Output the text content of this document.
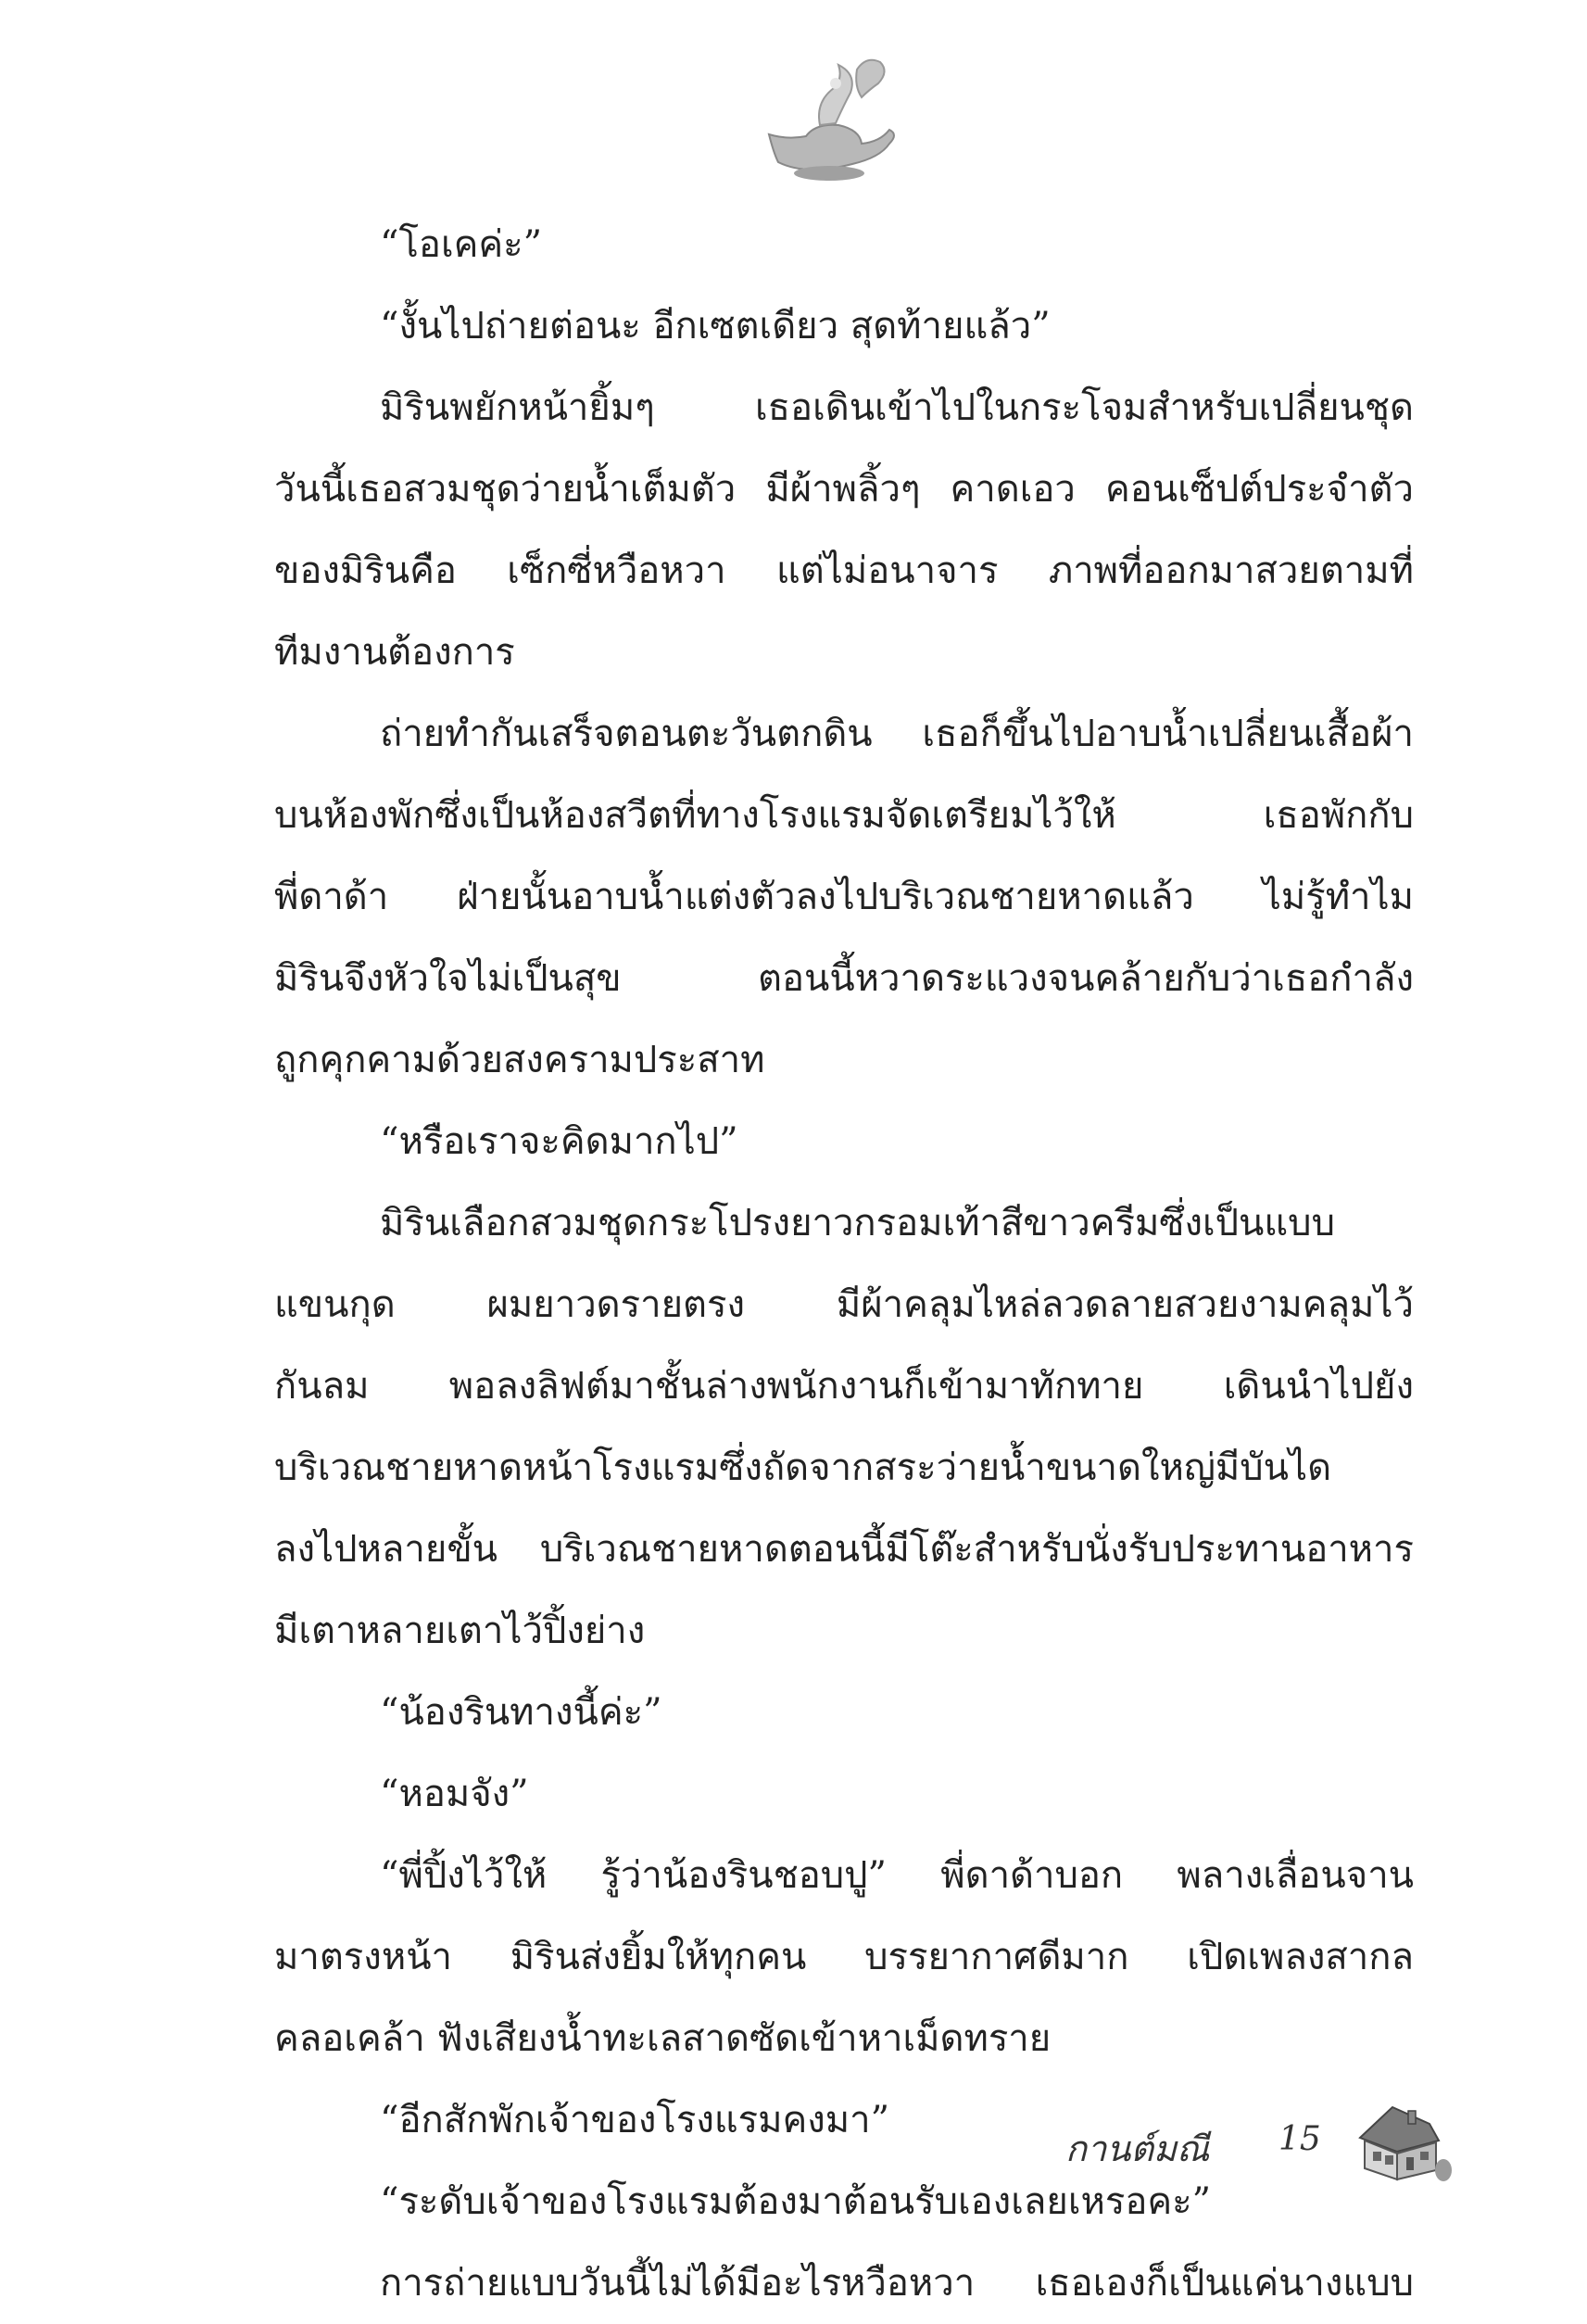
“โอเคค่ะ”
“งั้นไปถ่ายต่อนะ อีกเซตเดียว สุดท้ายแล้ว”
มิรินพยักหน้ายิ้มๆ เธอเดินเข้าไปในกระโจมสำหรับเปลี่ยนชุด
วันนี้เธอสวมชุดว่ายน้ำเต็มตัว มีผ้าพลิ้วๆ คาดเอว คอนเซ็ปต์ประจำตัว
ของมิรินคือ เซ็กซี่หวือหวา แต่ไม่อนาจาร ภาพที่ออกมาสวยตามที่
ทีมงานต้องการ
ถ่ายทำกันเสร็จตอนตะวันตกดิน เธอก็ขึ้นไปอาบน้ำเปลี่ยนเสื้อผ้า
บนห้องพักซึ่งเป็นห้องสวีตที่ทางโรงแรมจัดเตรียมไว้ให้ เธอพักกับ
พี่ดาด้า ฝ่ายนั้นอาบน้ำแต่งตัวลงไปบริเวณชายหาดแล้ว ไม่รู้ทำไม
มิรินจึงหัวใจไม่เป็นสุข ตอนนี้หวาดระแวงจนคล้ายกับว่าเธอกำลัง
ถูกคุกคามด้วยสงครามประสาท
“หรือเราจะคิดมากไป”
มิรินเลือกสวมชุดกระโปรงยาวกรอมเท้าสีขาวครีมซึ่งเป็นแบบ
แขนกุด ผมยาวดรายตรง มีผ้าคลุมไหล่ลวดลายสวยงามคลุมไว้
กันลม พอลงลิฟต์มาชั้นล่างพนักงานก็เข้ามาทักทาย เดินนำไปยัง
บริเวณชายหาดหน้าโรงแรมซึ่งถัดจากสระว่ายน้ำขนาดใหญ่มีบันได
ลงไปหลายขั้น บริเวณชายหาดตอนนี้มีโต๊ะสำหรับนั่งรับประทานอาหาร
มีเตาหลายเตาไว้ปิ้งย่าง
“น้องรินทางนี้ค่ะ”
“หอมจัง”
“พี่ปิ้งไว้ให้ รู้ว่าน้องรินชอบปู” พี่ดาด้าบอก พลางเลื่อนจาน
มาตรงหน้า มิรินส่งยิ้มให้ทุกคน บรรยากาศดีมาก เปิดเพลงสากล
คลอเคล้า ฟังเสียงน้ำทะเลสาดซัดเข้าหาเม็ดทราย
“อีกสักพักเจ้าของโรงแรมคงมา”
“ระดับเจ้าของโรงแรมต้องมาต้อนรับเองเลยเหรอคะ”
การถ่ายแบบวันนี้ไม่ได้มีอะไรหวือหวา เธอเองก็เป็นแค่นางแบบ
กานต์มณี 15
